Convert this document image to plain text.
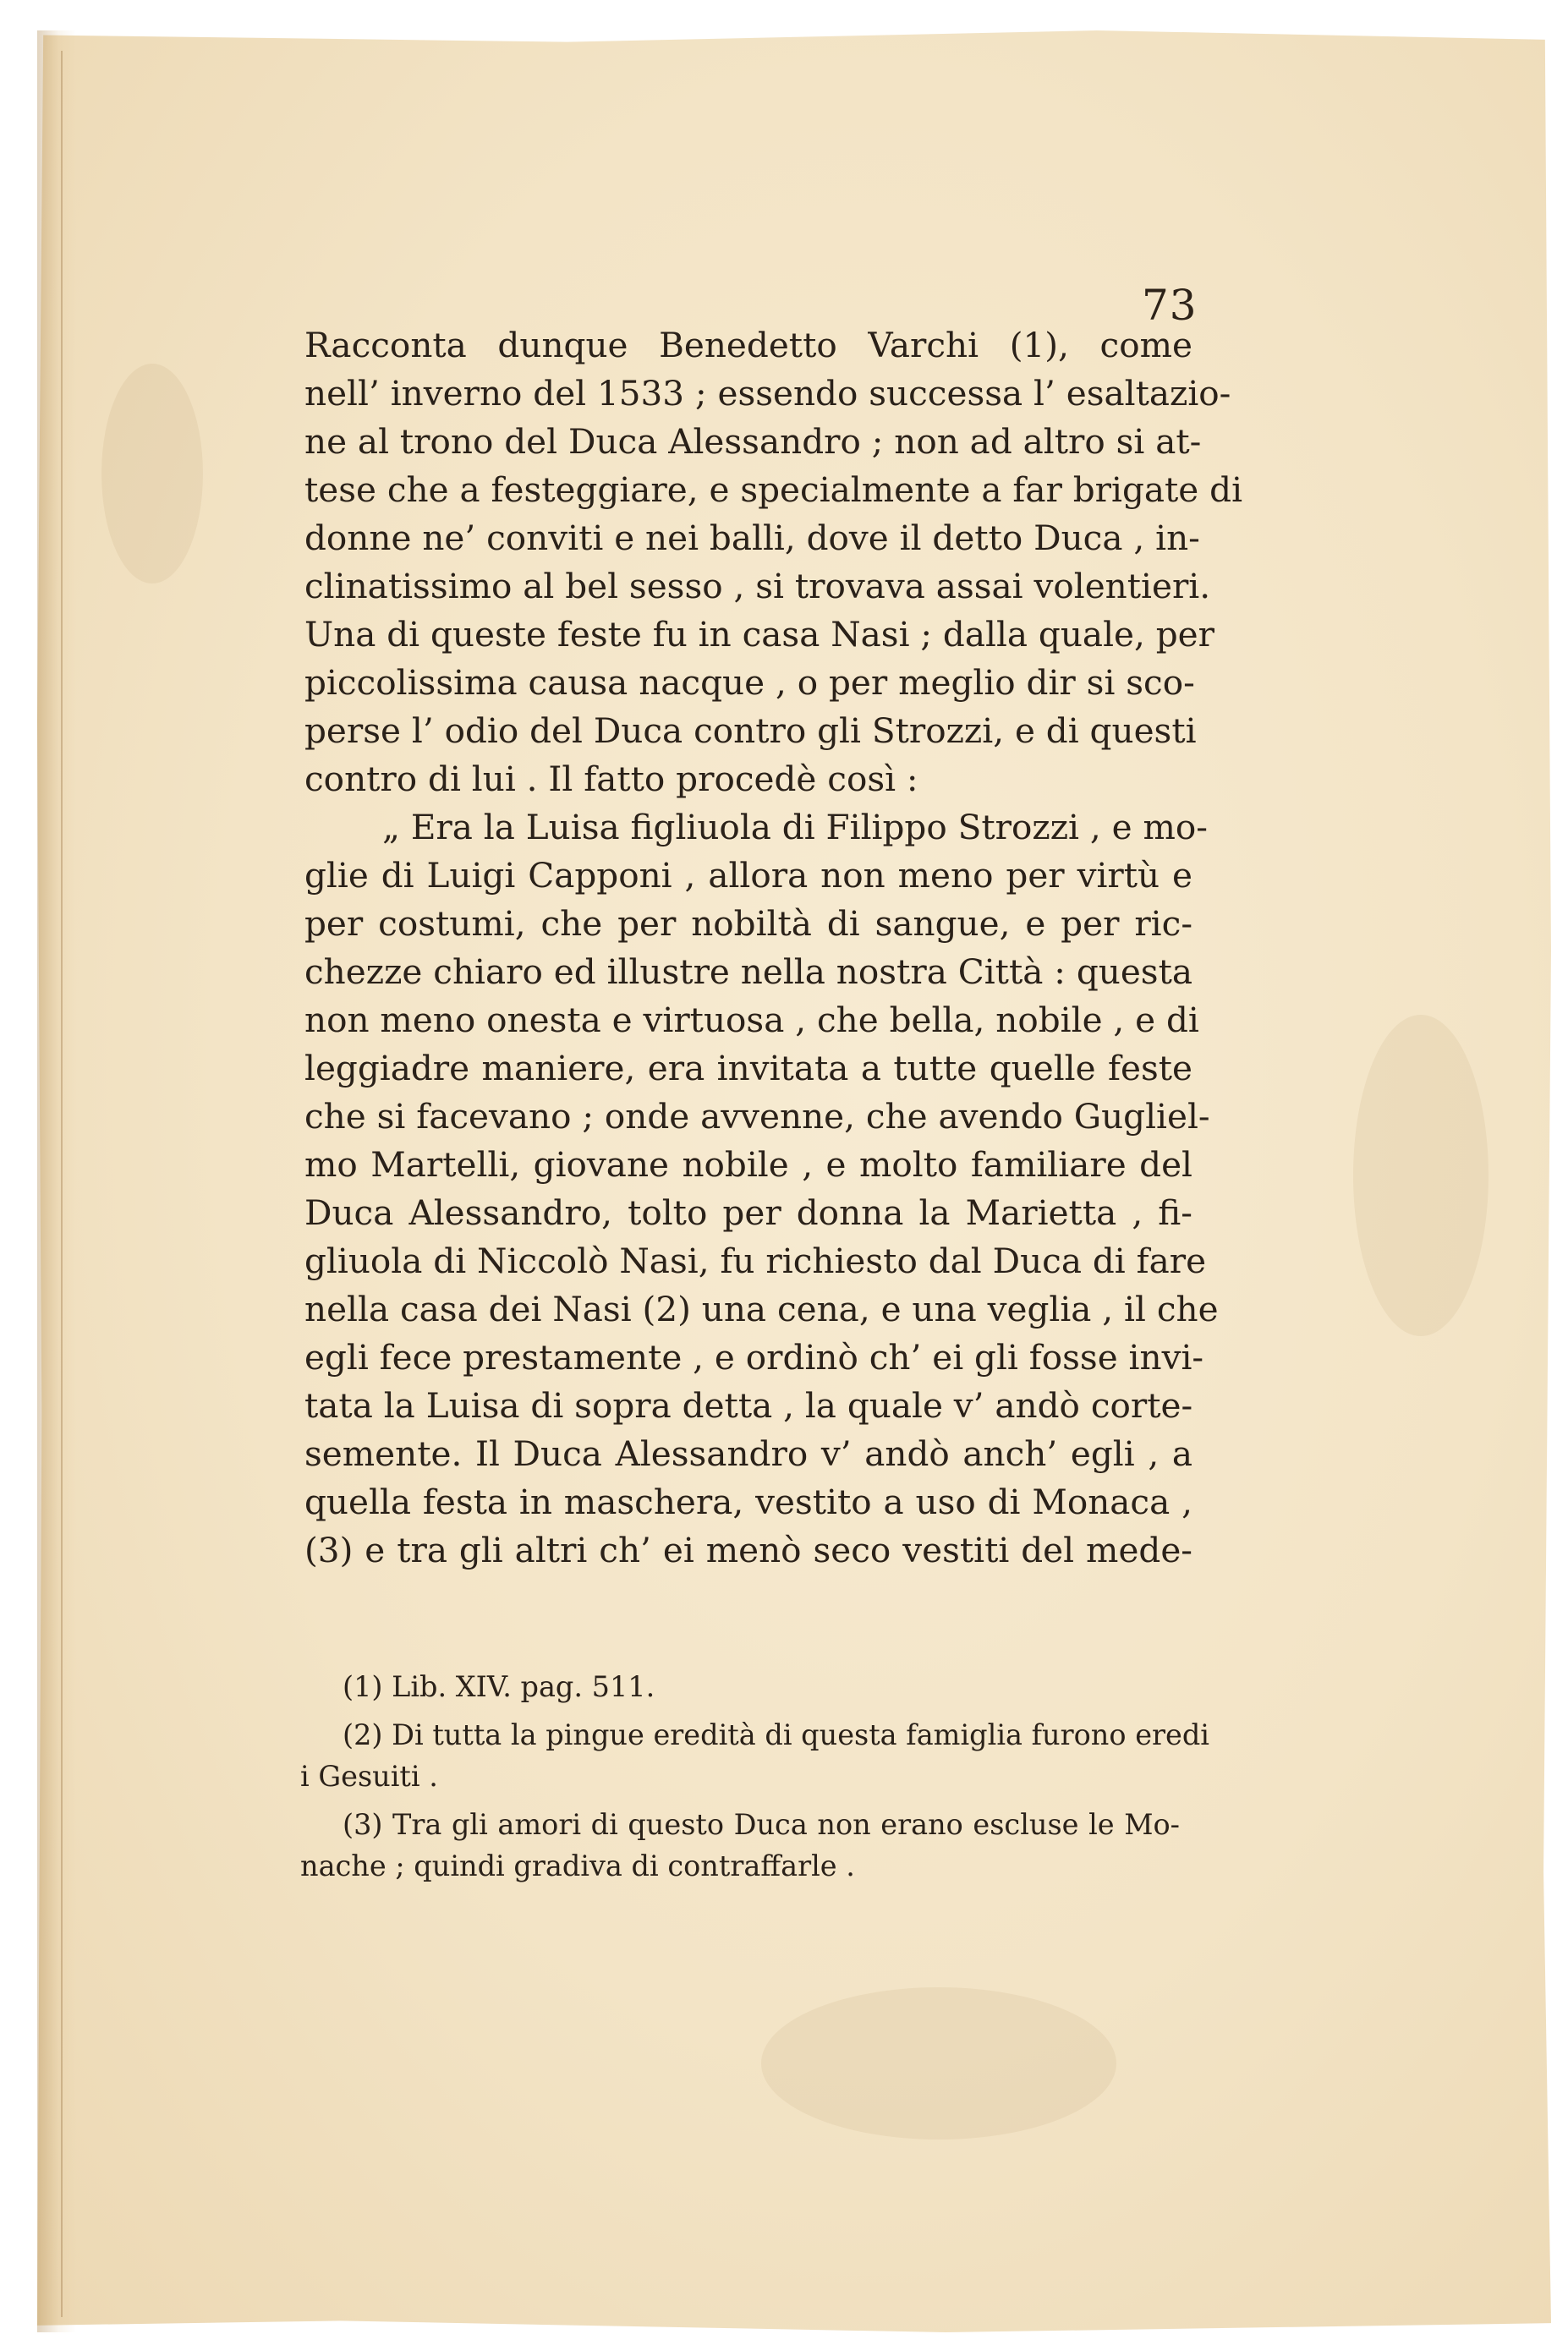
73
Racconta dunque Benedetto Varchi (1), come
nell’ inverno del 1533 ; essendo successa l’ esaltazio-
ne al trono del Duca Alessandro ; non ad altro si at-
tese che a festeggiare, e specialmente a far brigate di
donne ne’ conviti e nei balli, dove il detto Duca , in-
clinatissimo al bel sesso , si trovava assai volentieri.
Una di queste feste fu in casa Nasi ; dalla quale, per
piccolissima causa nacque , o per meglio dir si sco-
perse l’ odio del Duca contro gli Strozzi, e di questi
contro di lui . Il fatto procedè così :
„ Era la Luisa figliuola di Filippo Strozzi , e mo-
glie di Luigi Capponi , allora non meno per virtù e
per costumi, che per nobiltà di sangue, e per ric-
chezze chiaro ed illustre nella nostra Città : questa
non meno onesta e virtuosa , che bella, nobile , e di
leggiadre maniere, era invitata a tutte quelle feste
che si facevano ; onde avvenne, che avendo Gugliel-
mo Martelli, giovane nobile , e molto familiare del
Duca Alessandro, tolto per donna la Marietta , fi-
gliuola di Niccolò Nasi, fu richiesto dal Duca di fare
nella casa dei Nasi (2) una cena, e una veglia , il che
egli fece prestamente , e ordinò ch’ ei gli fosse invi-
tata la Luisa di sopra detta , la quale v’ andò corte-
semente. Il Duca Alessandro v’ andò anch’ egli , a
quella festa in maschera, vestito a uso di Monaca ,
(3) e tra gli altri ch’ ei menò seco vestiti del mede-
(1) Lib. XIV. pag. 511.
(2) Di tutta la pingue eredità di questa famiglia furono eredi
i Gesuiti .
(3) Tra gli amori di questo Duca non erano escluse le Mo-
nache ; quindi gradiva di contraffarle .
